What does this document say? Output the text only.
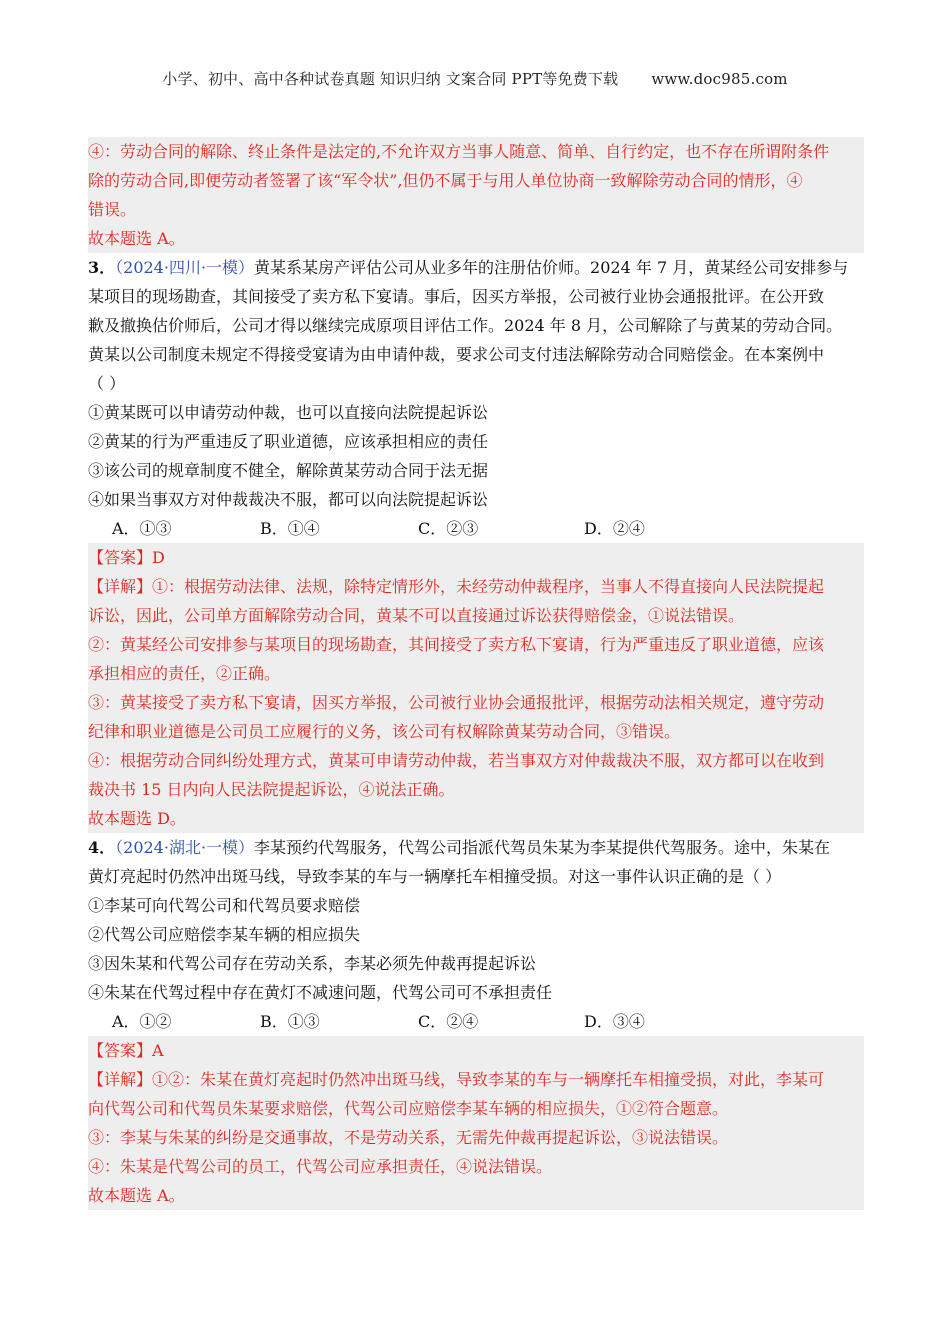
小学、初中、高中各种试卷真题 知识归纳 文案合同 PPT等免费下载 www.doc985.com
④：劳动合同的解除、终止条件是法定的,不允许双方当事人随意、简单、自行约定，也不存在所谓附条件
除的劳动合同,即便劳动者签署了该“军令状”,但仍不属于与用人单位协商一致解除劳动合同的情形，④
错误。
故本题选 A。
3．（2024·四川·一模）黄某系某房产评估公司从业多年的注册估价师。2024 年 7 月，黄某经公司安排参与
某项目的现场勘查，其间接受了卖方私下宴请。事后，因买方举报，公司被行业协会通报批评。在公开致
歉及撤换估价师后，公司才得以继续完成原项目评估工作。2024 年 8 月，公司解除了与黄某的劳动合同。
黄某以公司制度未规定不得接受宴请为由申请仲裁，要求公司支付违法解除劳动合同赔偿金。在本案例中
（ ）
①黄某既可以申请劳动仲裁，也可以直接向法院提起诉讼
②黄某的行为严重违反了职业道德，应该承担相应的责任
③该公司的规章制度不健全，解除黄某劳动合同于法无据
④如果当事双方对仲裁裁决不服，都可以向法院提起诉讼
A．①③	B．①④	C．②③	D．②④
【答案】D
【详解】①：根据劳动法律、法规，除特定情形外，未经劳动仲裁程序，当事人不得直接向人民法院提起
诉讼，因此，公司单方面解除劳动合同，黄某不可以直接通过诉讼获得赔偿金，①说法错误。
②：黄某经公司安排参与某项目的现场勘查，其间接受了卖方私下宴请，行为严重违反了职业道德，应该
承担相应的责任，②正确。
③：黄某接受了卖方私下宴请，因买方举报，公司被行业协会通报批评，根据劳动法相关规定，遵守劳动
纪律和职业道德是公司员工应履行的义务，该公司有权解除黄某劳动合同，③错误。
④：根据劳动合同纠纷处理方式，黄某可申请劳动仲裁，若当事双方对仲裁裁决不服，双方都可以在收到
裁决书 15 日内向人民法院提起诉讼，④说法正确。
故本题选 D。
4．（2024·湖北·一模）李某预约代驾服务，代驾公司指派代驾员朱某为李某提供代驾服务。途中，朱某在
黄灯亮起时仍然冲出斑马线，导致李某的车与一辆摩托车相撞受损。对这一事件认识正确的是（ ）
①李某可向代驾公司和代驾员要求赔偿
②代驾公司应赔偿李某车辆的相应损失
③因朱某和代驾公司存在劳动关系，李某必须先仲裁再提起诉讼
④朱某在代驾过程中存在黄灯不减速问题，代驾公司可不承担责任
A．①②	B．①③	C．②④	D．③④
【答案】A
【详解】①②：朱某在黄灯亮起时仍然冲出斑马线，导致李某的车与一辆摩托车相撞受损，对此，李某可
向代驾公司和代驾员朱某要求赔偿，代驾公司应赔偿李某车辆的相应损失，①②符合题意。
③：李某与朱某的纠纷是交通事故，不是劳动关系，无需先仲裁再提起诉讼，③说法错误。
④：朱某是代驾公司的员工，代驾公司应承担责任，④说法错误。
故本题选 A。
